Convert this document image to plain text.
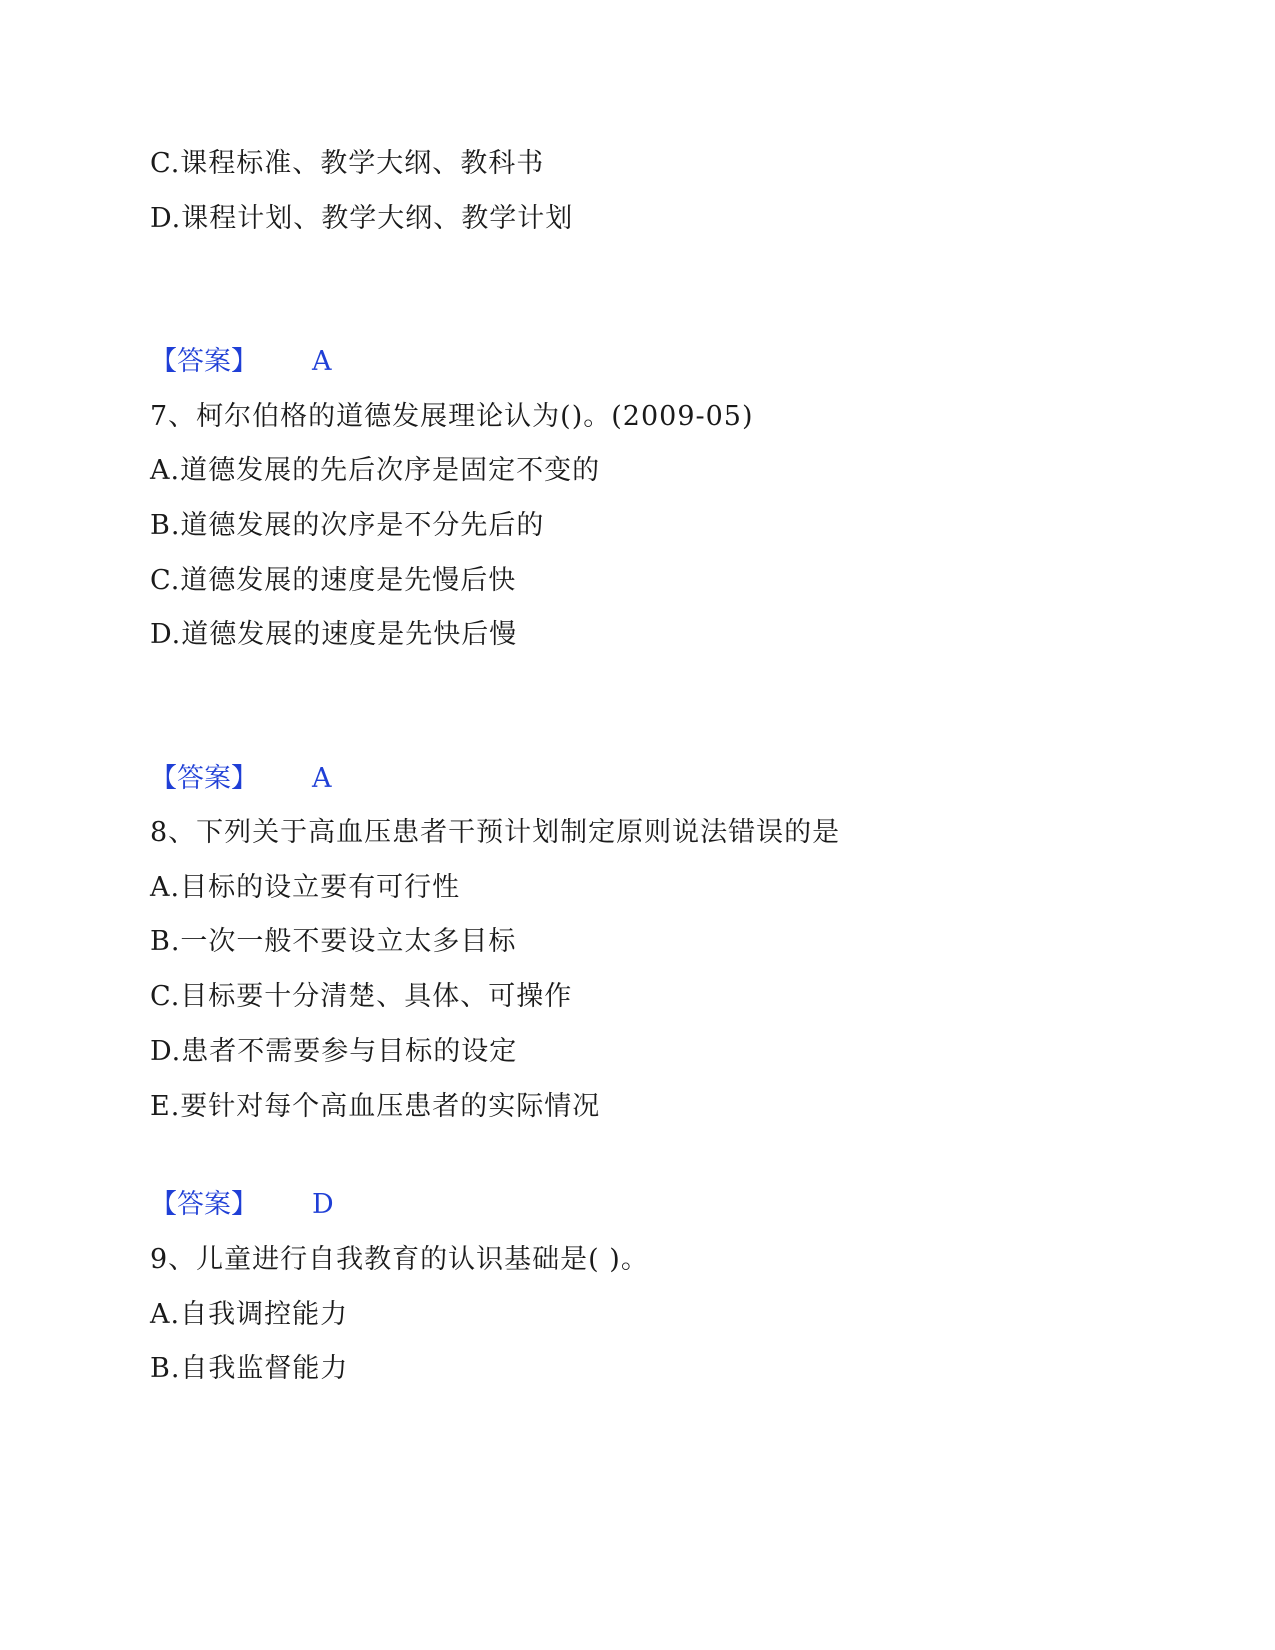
C.课程标准、教学大纲、教科书
D.课程计划、教学大纲、教学计划
【答案】 A
7、柯尔伯格的道德发展理论认为()。(2009-05)
A.道德发展的先后次序是固定不变的
B.道德发展的次序是不分先后的
C.道德发展的速度是先慢后快
D.道德发展的速度是先快后慢
【答案】 A
8、下列关于高血压患者干预计划制定原则说法错误的是
A.目标的设立要有可行性
B.一次一般不要设立太多目标
C.目标要十分清楚、具体、可操作
D.患者不需要参与目标的设定
E.要针对每个高血压患者的实际情况
【答案】 D
9、儿童进行自我教育的认识基础是( )。
A.自我调控能力
B.自我监督能力
